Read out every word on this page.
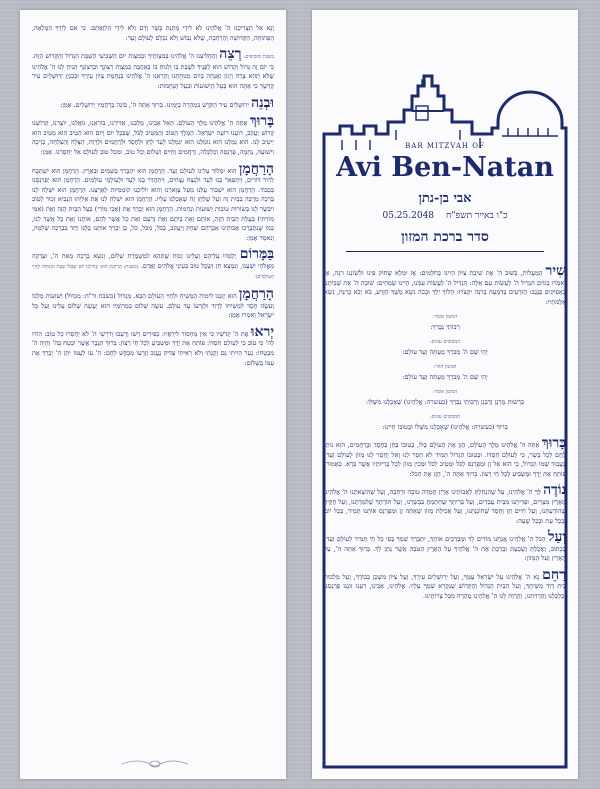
וְנָא אַל תַּצְרִיכֵנוּ ה' אֱלֹהֵינוּ לֹא לִידֵי מַתְּנַת בָּשָׂר וָדָם וְלֹא לִידֵי הַלְוָאָתָם. כִּי אִם לְיָדְךָ הַמְּלֵאָה, הַפְּתוּחָה, הַקְּדוֹשָׁה וְהָרְחָבָה, שֶׁלֹּא נֵבוֹשׁ וְלֹא נִכָּלֵם לְעוֹלָם וָעֶד:

בשבת מוסיפים: רְצֵה וְהַחֲלִיצֵנוּ ה' אֱלֹהֵינוּ בְּמִצְוֹתֶיךָ וּבְמִצְוַת יוֹם הַשְּׁבִיעִי הַשַּׁבָּת הַגָּדוֹל וְהַקָּדוֹשׁ הַזֶּה. כִּי יוֹם זֶה גָּדוֹל וְקָדוֹשׁ הוּא לְפָנֶיךָ לִשְׁבָּת בּוֹ וְלָנוּחַ בּוֹ בְּאַהֲבָה כְּמִצְוַת רְצוֹנֶךָ וּבִרְצוֹנְךָ הָנִיחַ לָנוּ ה' אֱלֹהֵינוּ שֶׁלֹּא תְהֵא צָרָה וְיָגוֹן וַאֲנָחָה בְּיוֹם מְנוּחָתֵנוּ וְהַרְאֵנוּ ה' אֱלֹהֵינוּ בְּנֶחָמַת צִיּוֹן עִירֶךָ וּבְבִנְיַן יְרוּשָׁלַיִם עִיר קָדְשֶׁךָ כִּי אַתָּה הוּא בַּעַל הַיְשׁוּעוֹת וּבַעַל הַנֶּחָמוֹת:

וּבְנֵה יְרוּשָׁלַיִם עִיר הַקֹּדֶשׁ בִּמְהֵרָה בְיָמֵינוּ. בָּרוּךְ אַתָּה ה', בּוֹנֵה בְרַחֲמָיו יְרוּשָׁלָיִם. אָמֵן:

בָּרוּךְ אַתָּה ה' אֱלֹהֵינוּ מֶלֶךְ הָעוֹלָם. הָאֵל אָבִינוּ, מַלְכֵּנוּ, אַדִּירֵנוּ, בּוֹרְאֵנוּ, גּוֹאֲלֵנוּ, יוֹצְרֵנוּ, קְדוֹשֵׁנוּ קְדוֹשׁ יַעֲקֹב, רוֹעֵנוּ רוֹעֵה יִשְׂרָאֵל. הַמֶּלֶךְ הַטּוֹב וְהַמֵּטִיב לַכֹּל, שֶׁבְּכָל יוֹם וָיוֹם הוּא הֵטִיב הוּא מֵטִיב הוּא יֵיטִיב לָנוּ. הוּא גְמָלָנוּ הוּא גוֹמְלֵנוּ הוּא יִגְמְלֵנוּ לָעַד לְחֵן וּלְחֶסֶד וּלְרַחֲמִים וּלְרֶוַח, הַצָּלָה וְהַצְלָחָה, בְּרָכָה וִישׁוּעָה, נֶחָמָה, פַּרְנָסָה וְכַלְכָּלָה, וְרַחֲמִים וְחַיִּים וְשָׁלוֹם וְכָל טוֹב, וּמִכָּל טוּב לְעוֹלָם אַל יְחַסְּרֵנוּ. אָמֵן:

הָרַחֲמָן הוּא יִמְלוֹךְ עָלֵינוּ לְעוֹלָם וָעֶד. הָרַחֲמָן הוּא יִתְבָּרַךְ בַּשָּׁמַיִם וּבָאָרֶץ. הָרַחֲמָן הוּא יִשְׁתַּבַּח לְדוֹר דּוֹרִים, וְיִתְפָּאַר בָּנוּ לָעַד וּלְנֵצַח נְצָחִים, וְיִתְהַדַּר בָּנוּ לָעַד וּלְעוֹלְמֵי עוֹלָמִים. הָרַחֲמָן הוּא יְפַרְנְסֵנוּ בְּכָבוֹד. הָרַחֲמָן הוּא יִשְׁבּוֹר עֻלֵּנוּ מֵעַל צַוָּארֵנוּ וְהוּא יוֹלִיכֵנוּ קוֹמְמִיּוּת לְאַרְצֵנוּ. הָרַחֲמָן הוּא יִשְׁלַח לָנוּ בְּרָכָה מְרֻבָּה בְּבַיִת זֶה וְעַל שֻׁלְחָן זֶה שֶׁאָכַלְנוּ עָלָיו. הָרַחֲמָן הוּא יִשְׁלַח לָנוּ אֶת אֵלִיָּהוּ הַנָּבִיא זָכוּר לַטּוֹב וִיבַשֶּׂר לָנוּ בְּשׂוֹרוֹת טוֹבוֹת יְשׁוּעוֹת וְנֶחָמוֹת. הָרַחֲמָן הוּא יְבָרֵךְ אֶת (אָבִי מוֹרִי) בַּעַל הַבַּיִת הַזֶּה וְאֶת (אִמִּי מוֹרָתִי) בַּעֲלַת הַבַּיִת הַזֶּה, אוֹתָם וְאֶת בֵּיתָם וְאֶת זַרְעָם וְאֶת כָּל אֲשֶׁר לָהֶם, אוֹתָנוּ וְאֶת כָּל אֲשֶׁר לָנוּ, כְּמוֹ שֶׁנִּתְבָּרְכוּ אֲבוֹתֵינוּ אַבְרָהָם יִצְחָק וְיַעֲקֹב, בַּכֹּל, מִכֹּל, כֹּל, כֵּן יְבָרֵךְ אוֹתָנוּ כֻּלָּנוּ יַחַד בִּבְרָכָה שְׁלֵמָה, וְנֹאמַר אָמֵן:

בַּמָּרוֹם יְלַמְּדוּ עֲלֵיהֶם וְעָלֵינוּ זְכוּת שֶׁתְּהֵא לְמִשְׁמֶרֶת שָׁלוֹם, וְנִשָּׂא בְרָכָה מֵאֵת ה', וּצְדָקָה מֵאֱלֹהֵי יִשְׁעֵנוּ, וְנִמְצָא חֵן וְשֵׂכֶל טוֹב בְּעֵינֵי אֱלֹהִים וְאָדָם. (בשבת: הָרַחֲמָן הוּא יַנְחִילֵנוּ יוֹם שֶׁכֻּלּוֹ שַׁבָּת וּמְנוּחָה לְחַיֵּי הָעוֹלָמִים)

הָרַחֲמָן הוּא יְזַכֵּנוּ לִימוֹת הַמָּשִׁיחַ וּלְחַיֵּי הָעוֹלָם הַבָּא. מִגְדּוֹל (בשבת ור"ח: מִגְדּוֹל) יְשׁוּעוֹת מַלְכּוֹ וְעֹשֶׂה חֶסֶד לִמְשִׁיחוֹ לְדָוִד וּלְזַרְעוֹ עַד עוֹלָם. עֹשֶׂה שָׁלוֹם בִּמְרוֹמָיו הוּא יַעֲשֶׂה שָׁלוֹם עָלֵינוּ וְעַל כָּל יִשְׂרָאֵל וְאִמְרוּ אָמֵן:

יְראוּ אֶת ה' קְדֹשָׁיו כִּי אֵין מַחְסוֹר לִירֵאָיו: כְּפִירִים רָשׁוּ וְרָעֵבוּ וְדֹרְשֵׁי ה' לֹא יַחְסְרוּ כָל טוֹב: הוֹדוּ לַה' כִּי טוֹב כִּי לְעוֹלָם חַסְדּוֹ: פּוֹתֵחַ אֶת יָדֶךָ וּמַשְׂבִּיעַ לְכָל חַי רָצוֹן: בָּרוּךְ הַגֶּבֶר אֲשֶׁר יִבְטַח בַּה' וְהָיָה ה' מִבְטַחוֹ: נַעַר הָיִיתִי גַם זָקַנְתִּי וְלֹא רָאִיתִי צַדִּיק נֶעֱזָב וְזַרְעוֹ מְבַקֶּשׁ לָחֶם: ה' עֹז לְעַמּוֹ יִתֵּן ה' יְבָרֵךְ אֶת עַמּוֹ בַשָּׁלוֹם:

BAR MITZVAH OF
Avi Ben-Natan
אבי בן-נתן
כ"ו באייר תשפ"ח05.25.2048
סדר ברכת המזון

שִׁיר הַמַּעֲלוֹת, בְּשׁוּב ה' אֶת שִׁיבַת צִיּוֹן הָיִינוּ כְּחֹלְמִים: אָז יִמָּלֵא שְׂחוֹק פִּינוּ וּלְשׁוֹנֵנוּ רִנָּה, אָז יֹאמְרוּ בַגּוֹיִם הִגְדִּיל ה' לַעֲשׂוֹת עִם אֵלֶּה: הִגְדִּיל ה' לַעֲשׂוֹת עִמָּנוּ, הָיִינוּ שְׂמֵחִים: שׁוּבָה ה' אֶת שְׁבִיתֵנוּ כַּאֲפִיקִים בַּנֶּגֶב: הַזֹּרְעִים בְּדִמְעָה בְּרִנָּה יִקְצֹרוּ: הָלוֹךְ יֵלֵךְ וּבָכֹה נֹשֵׂא מֶשֶׁךְ הַזָּרַע, בֹּא יָבֹא בְרִנָּה, נֹשֵׂא אֲלֻמֹּתָיו:

המזמן אומר:
רַבּוֹתַי נְבָרֵךְ:

המסובים עונים:
יְהִי שֵׁם ה' מְבֹרָךְ מֵעַתָּה וְעַד עוֹלָם:

המזמן חוזר:
יְהִי שֵׁם ה' מְבֹרָךְ מֵעַתָּה וְעַד עוֹלָם:

המזמן אומר:
בִּרְשׁוּת מָרָנָן וְרַבָּנָן וְרַבּוֹתַי נְבָרֵךְ (בעשרה: אֱלֹהֵינוּ) שֶׁאָכַלְנוּ מִשֶּׁלּוֹ:

המסובים עונים:
בָּרוּךְ (בעשרה: אֱלֹהֵינוּ) שֶׁאָכַלְנוּ מִשֶּׁלּוֹ וּבְטוּבוֹ חָיִינוּ:

בָּרוּךְ אַתָּה ה' אֱלֹהֵינוּ מֶלֶךְ הָעוֹלָם, הַזָּן אֶת הָעוֹלָם כֻּלּוֹ, בְּטוּבוֹ בְּחֵן בְּחֶסֶד וּבְרַחֲמִים, הוּא נוֹתֵן לֶחֶם לְכָל בָּשָׂר, כִּי לְעוֹלָם חַסְדּוֹ. וּבְטוּבוֹ הַגָּדוֹל תָּמִיד לֹא חָסַר לָנוּ וְאַל יֶחְסַר לָנוּ מָזוֹן לְעוֹלָם וָעֶד, בַּעֲבוּר שְׁמוֹ הַגָּדוֹל, כִּי הוּא אֵל זָן וּמְפַרְנֵס לַכֹּל וּמֵטִיב לַכֹּל וּמֵכִין מָזוֹן לְכָל בְּרִיּוֹתָיו אֲשֶׁר בָּרָא. כָּאָמוּר, פּוֹתֵחַ אֶת יָדֶךָ וּמַשְׂבִּיעַ לְכָל חַי רָצוֹן. בָּרוּךְ אַתָּה ה', הַזָּן אֶת הַכֹּל:

נוֹדֶה לְּךָ ה' אֱלֹהֵינוּ, עַל שֶׁהִנְחַלְתָּ לַאֲבוֹתֵינוּ אֶרֶץ חֶמְדָּה טוֹבָה וּרְחָבָה, וְעַל שֶׁהוֹצֵאתָנוּ ה' אֱלֹהֵינוּ מֵאֶרֶץ מִצְרַיִם, וּפְדִיתָנוּ מִבֵּית עֲבָדִים, וְעַל בְּרִיתְךָ שֶׁחָתַמְתָּ בִּבְשָׂרֵנוּ, וְעַל תּוֹרָתְךָ שֶׁלִּמַּדְתָּנוּ, וְעַל חֻקֶּיךָ שֶׁהוֹדַעְתָּנוּ, וְעַל חַיִּים חֵן וָחֶסֶד שֶׁחוֹנַנְתָּנוּ, וְעַל אֲכִילַת מָזוֹן שָׁאַתָּה זָן וּמְפַרְנֵס אוֹתָנוּ תָּמִיד, בְּכָל יוֹם וּבְכָל עֵת וּבְכָל שָׁעָה:

וְעַל הַכֹּל ה' אֱלֹהֵינוּ אֲנַחְנוּ מוֹדִים לָךְ וּמְבָרְכִים אוֹתָךְ, יִתְבָּרַךְ שִׁמְךָ בְּפִי כָּל חַי תָּמִיד לְעוֹלָם וָעֶד. כַּכָּתוּב, וְאָכַלְתָּ וְשָׂבָעְתָּ וּבֵרַכְתָּ אֶת ה' אֱלֹהֶיךָ עַל הָאָרֶץ הַטֹּבָה אֲשֶׁר נָתַן לָךְ. בָּרוּךְ אַתָּה ה', עַל הָאָרֶץ וְעַל הַמָּזוֹן:

רַחֵם נָא ה' אֱלֹהֵינוּ עַל יִשְׂרָאֵל עַמֶּךָ, וְעַל יְרוּשָׁלַיִם עִירֶךָ, וְעַל צִיּוֹן מִשְׁכַּן כְּבוֹדֶךָ, וְעַל מַלְכוּת בֵּית דָּוִד מְשִׁיחֶךָ, וְעַל הַבַּיִת הַגָּדוֹל וְהַקָּדוֹשׁ שֶׁנִּקְרָא שִׁמְךָ עָלָיו. אֱלֹהֵינוּ, אָבִינוּ, רְעֵנוּ זוּנֵנוּ פַּרְנְסֵנוּ וְכַלְכְּלֵנוּ וְהַרְוִיחֵנוּ, וְהַרְוַח לָנוּ ה' אֱלֹהֵינוּ מְהֵרָה מִכָּל צָרוֹתֵינוּ.
